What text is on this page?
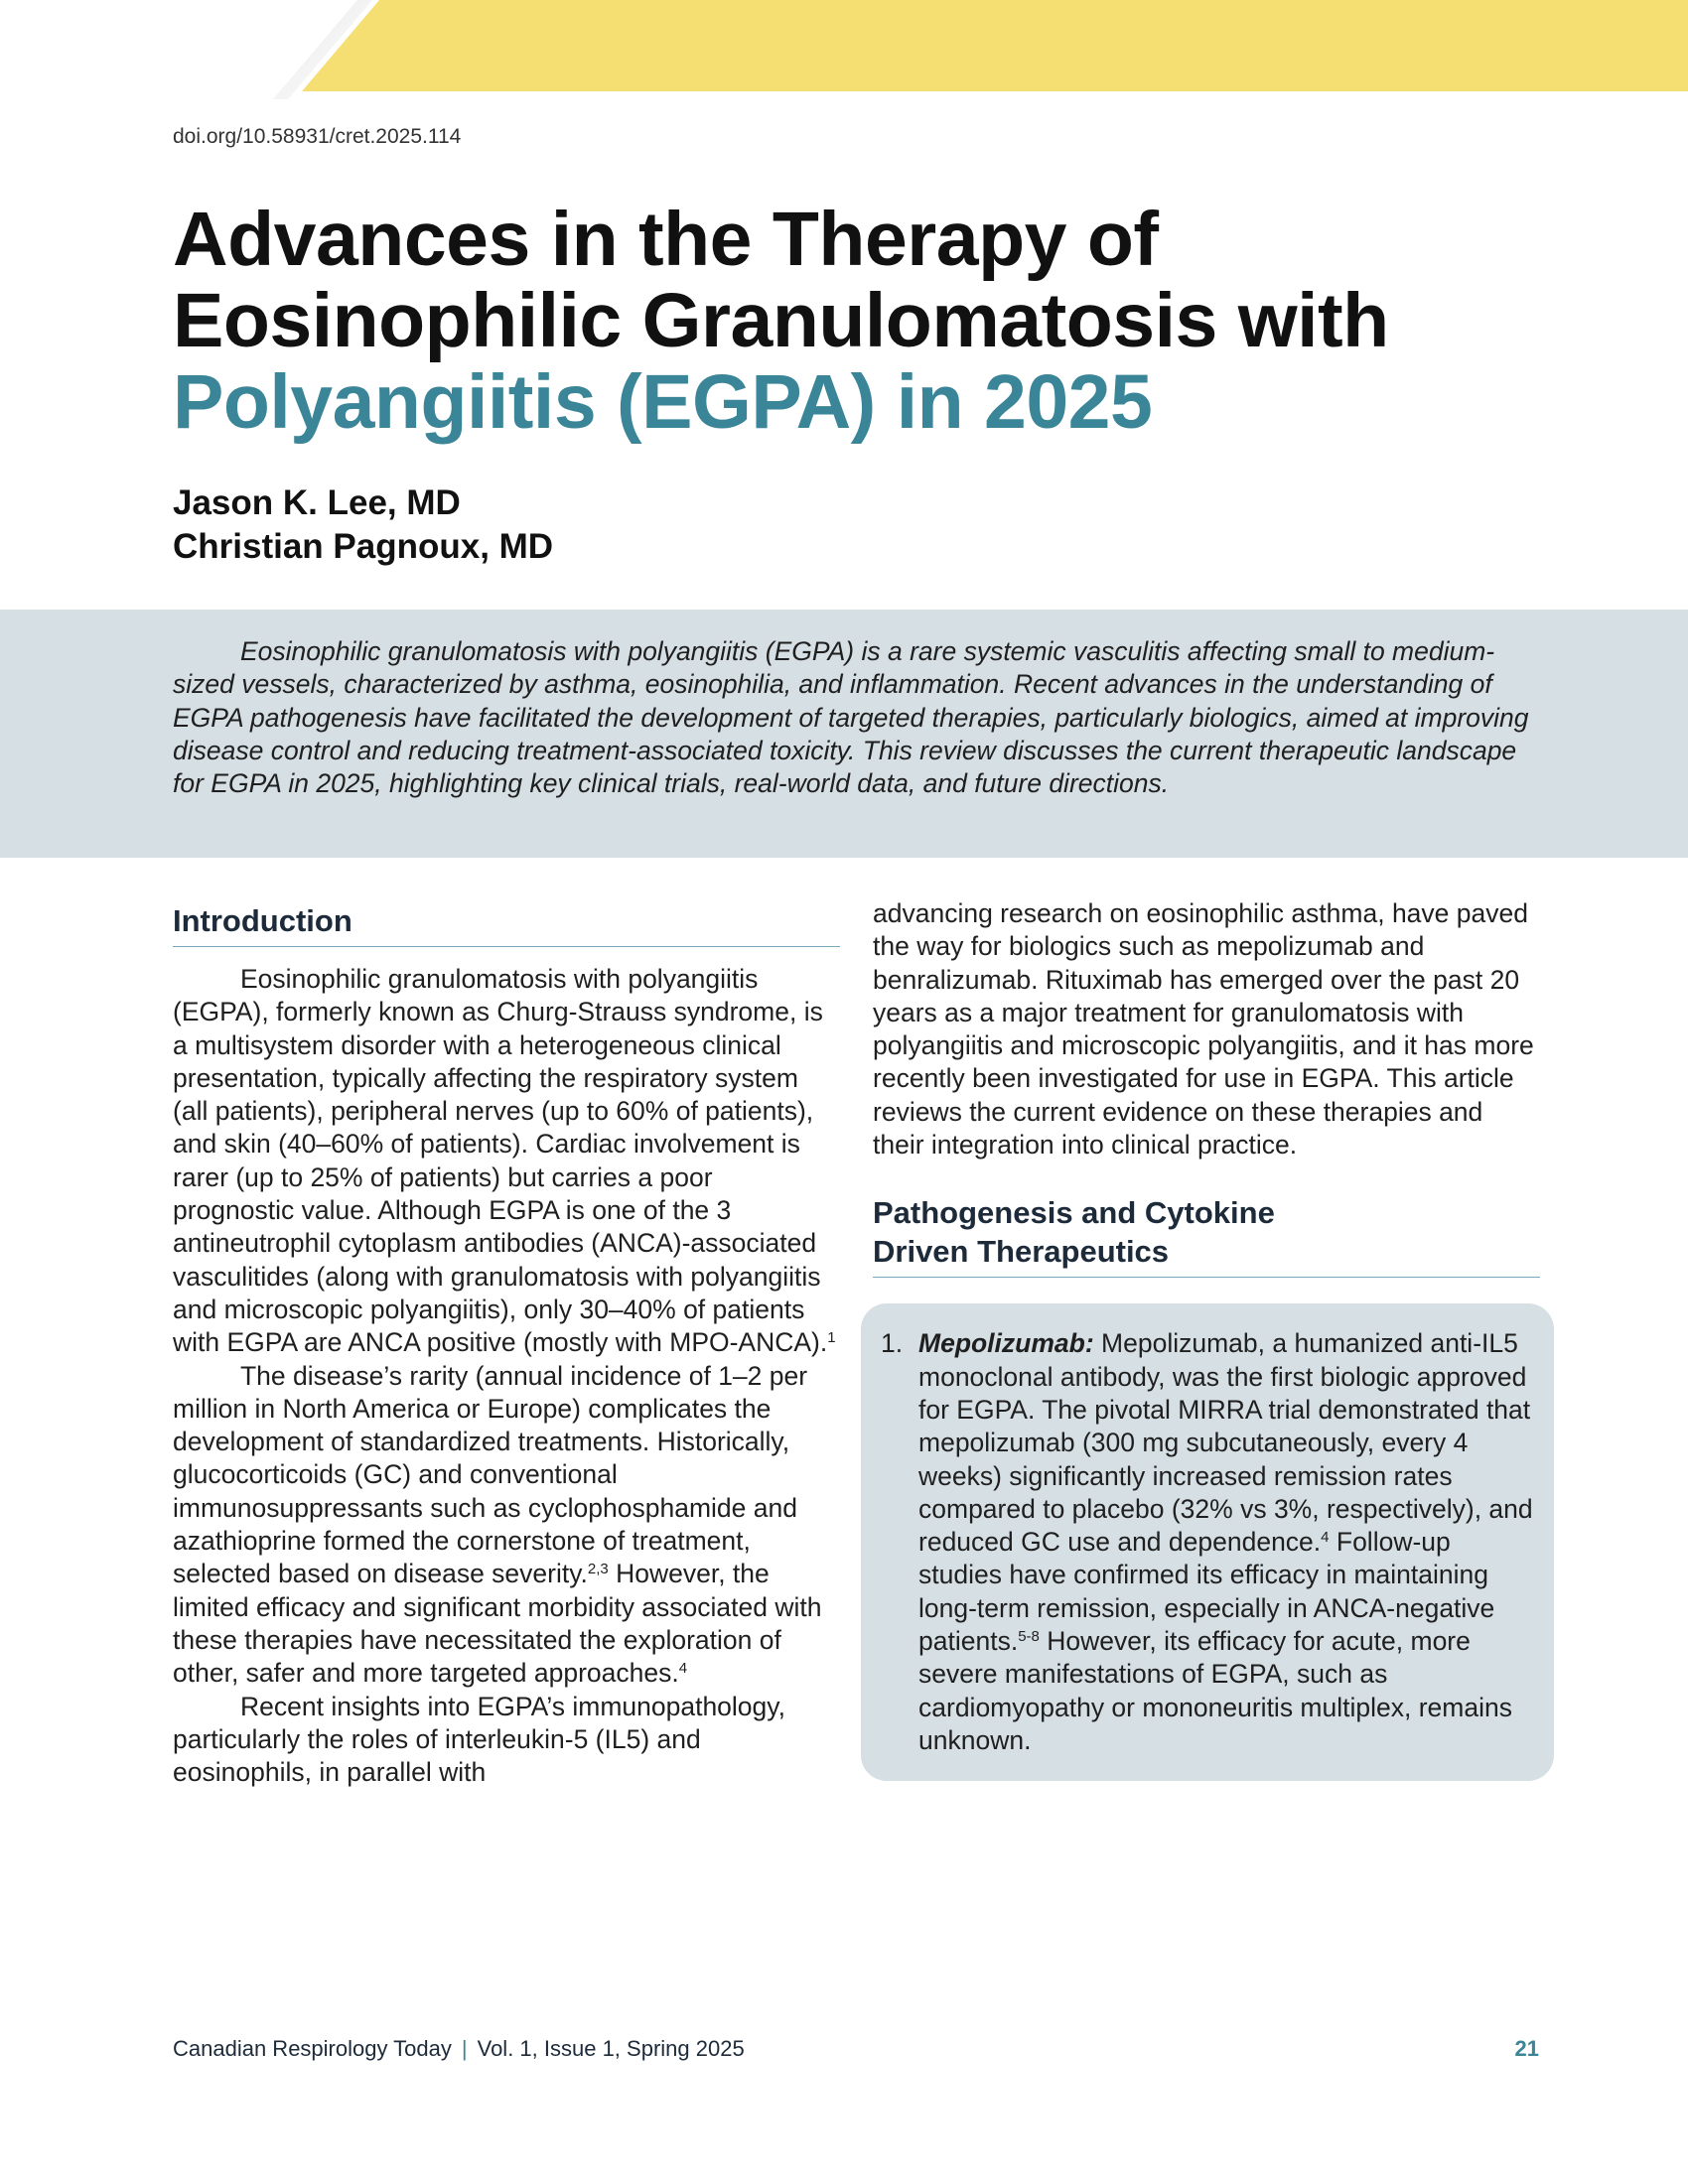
doi.org/10.58931/cret.2025.114
Advances in the Therapy of
Eosinophilic Granulomatosis with
Polyangiitis (EGPA) in 2025
Jason K. Lee, MD
Christian Pagnoux, MD

Eosinophilic granulomatosis with polyangiitis (EGPA) is a rare systemic vasculitis affecting small to medium-sized vessels, characterized by asthma, eosinophilia, and inflammation. Recent advances in the understanding of EGPA pathogenesis have facilitated the development of targeted therapies, particularly biologics, aimed at improving disease control and reducing treatment-associated toxicity. This review discusses the current therapeutic landscape for EGPA in 2025, highlighting key clinical trials, real-world data, and future directions.

Introduction

Eosinophilic granulomatosis with polyangiitis (EGPA), formerly known as Churg-Strauss syndrome, is a multisystem disorder with a heterogeneous clinical presentation, typically affecting the respiratory system (all patients), peripheral nerves (up to 60% of patients), and skin (40–60% of patients). Cardiac involvement is rarer (up to 25% of patients) but carries a poor prognostic value. Although EGPA is one of the 3 antineutrophil cytoplasm antibodies (ANCA)-associated vasculitides (along with granulomatosis with polyangiitis and microscopic polyangiitis), only 30–40% of patients with EGPA are ANCA positive (mostly with MPO-ANCA).$^1$

The disease’s rarity (annual incidence of 1–2 per million in North America or Europe) complicates the development of standardized treatments. Historically, glucocorticoids (GC) and conventional immunosuppressants such as cyclophosphamide and azathioprine formed the cornerstone of treatment, selected based on disease severity.$^{2,3}$ However, the limited efficacy and significant morbidity associated with these therapies have necessitated the exploration of other, safer and more targeted approaches.$^4$

Recent insights into EGPA’s immunopathology, particularly the roles of interleukin-5 (IL5) and eosinophils, in parallel with

advancing research on eosinophilic asthma, have paved the way for biologics such as mepolizumab and benralizumab. Rituximab has emerged over the past 20 years as a major treatment for granulomatosis with polyangiitis and microscopic polyangiitis, and it has more recently been investigated for use in EGPA. This article reviews the current evidence on these therapies and their integration into clinical practice.

Pathogenesis and Cytokine
Driven Therapeutics
1. Mepolizumab: Mepolizumab, a humanized anti-IL5 monoclonal antibody, was the first biologic approved for EGPA. The pivotal MIRRA trial demonstrated that mepolizumab (300 mg subcutaneously, every 4 weeks) significantly increased remission rates compared to placebo (32% vs 3%, respectively), and reduced GC use and dependence.$^4$ Follow-up studies have confirmed its efficacy in maintaining long-term remission, especially in ANCA-negative patients.$^{5-8}$ However, its efficacy for acute, more severe manifestations of EGPA, such as cardiomyopathy or mononeuritis multiplex, remains unknown.
Canadian Respirology Today | Vol. 1, Issue 1, Spring 2025	21
